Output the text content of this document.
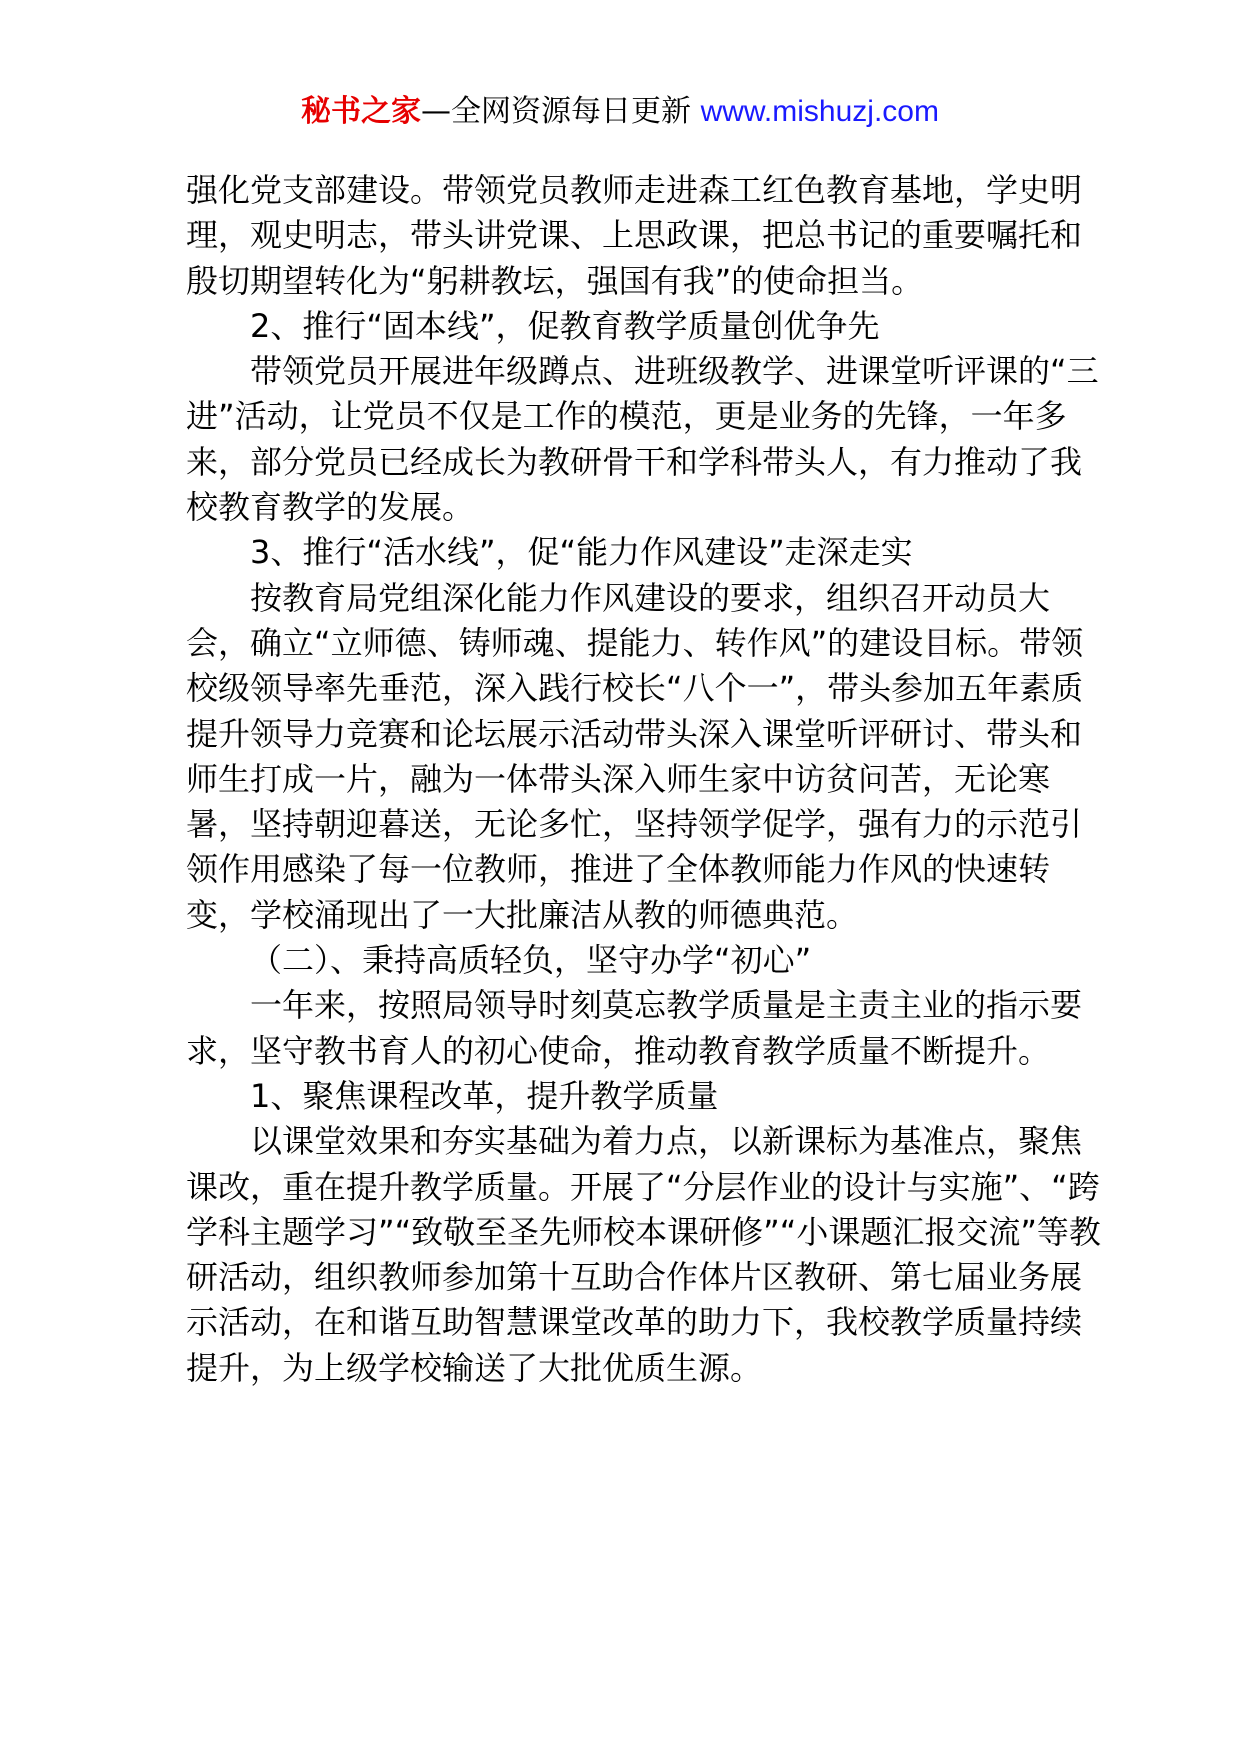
秘书之家—全网资源每日更新 www.mishuzj.com

强化党支部建设。带领党员教师走进森工红色教育基地，学史明理，观史明志，带头讲党课、上思政课，把总书记的重要嘱托和殷切期望转化为“躬耕教坛，强国有我”的使命担当。

2、推行“固本线”，促教育教学质量创优争先

带领党员开展进年级蹲点、进班级教学、进课堂听评课的“三进”活动，让党员不仅是工作的模范，更是业务的先锋，一年多来，部分党员已经成长为教研骨干和学科带头人，有力推动了我校教育教学的发展。

3、推行“活水线”，促“能力作风建设”走深走实

按教育局党组深化能力作风建设的要求，组织召开动员大会，确立“立师德、铸师魂、提能力、转作风”的建设目标。带领校级领导率先垂范，深入践行校长“八个一”，带头参加五年素质提升领导力竞赛和论坛展示活动带头深入课堂听评研讨、带头和师生打成一片，融为一体带头深入师生家中访贫问苦，无论寒暑，坚持朝迎暮送，无论多忙，坚持领学促学，强有力的示范引领作用感染了每一位教师，推进了全体教师能力作风的快速转变，学校涌现出了一大批廉洁从教的师德典范。

（二）、秉持高质轻负，坚守办学“初心”

一年来，按照局领导时刻莫忘教学质量是主责主业的指示要求，坚守教书育人的初心使命，推动教育教学质量不断提升。

1、聚焦课程改革，提升教学质量

以课堂效果和夯实基础为着力点，以新课标为基准点，聚焦课改，重在提升教学质量。开展了“分层作业的设计与实施”、“跨学科主题学习”“致敬至圣先师校本课研修”“小课题汇报交流”等教研活动，组织教师参加第十互助合作体片区教研、第七届业务展示活动，在和谐互助智慧课堂改革的助力下，我校教学质量持续提升，为上级学校输送了大批优质生源。
